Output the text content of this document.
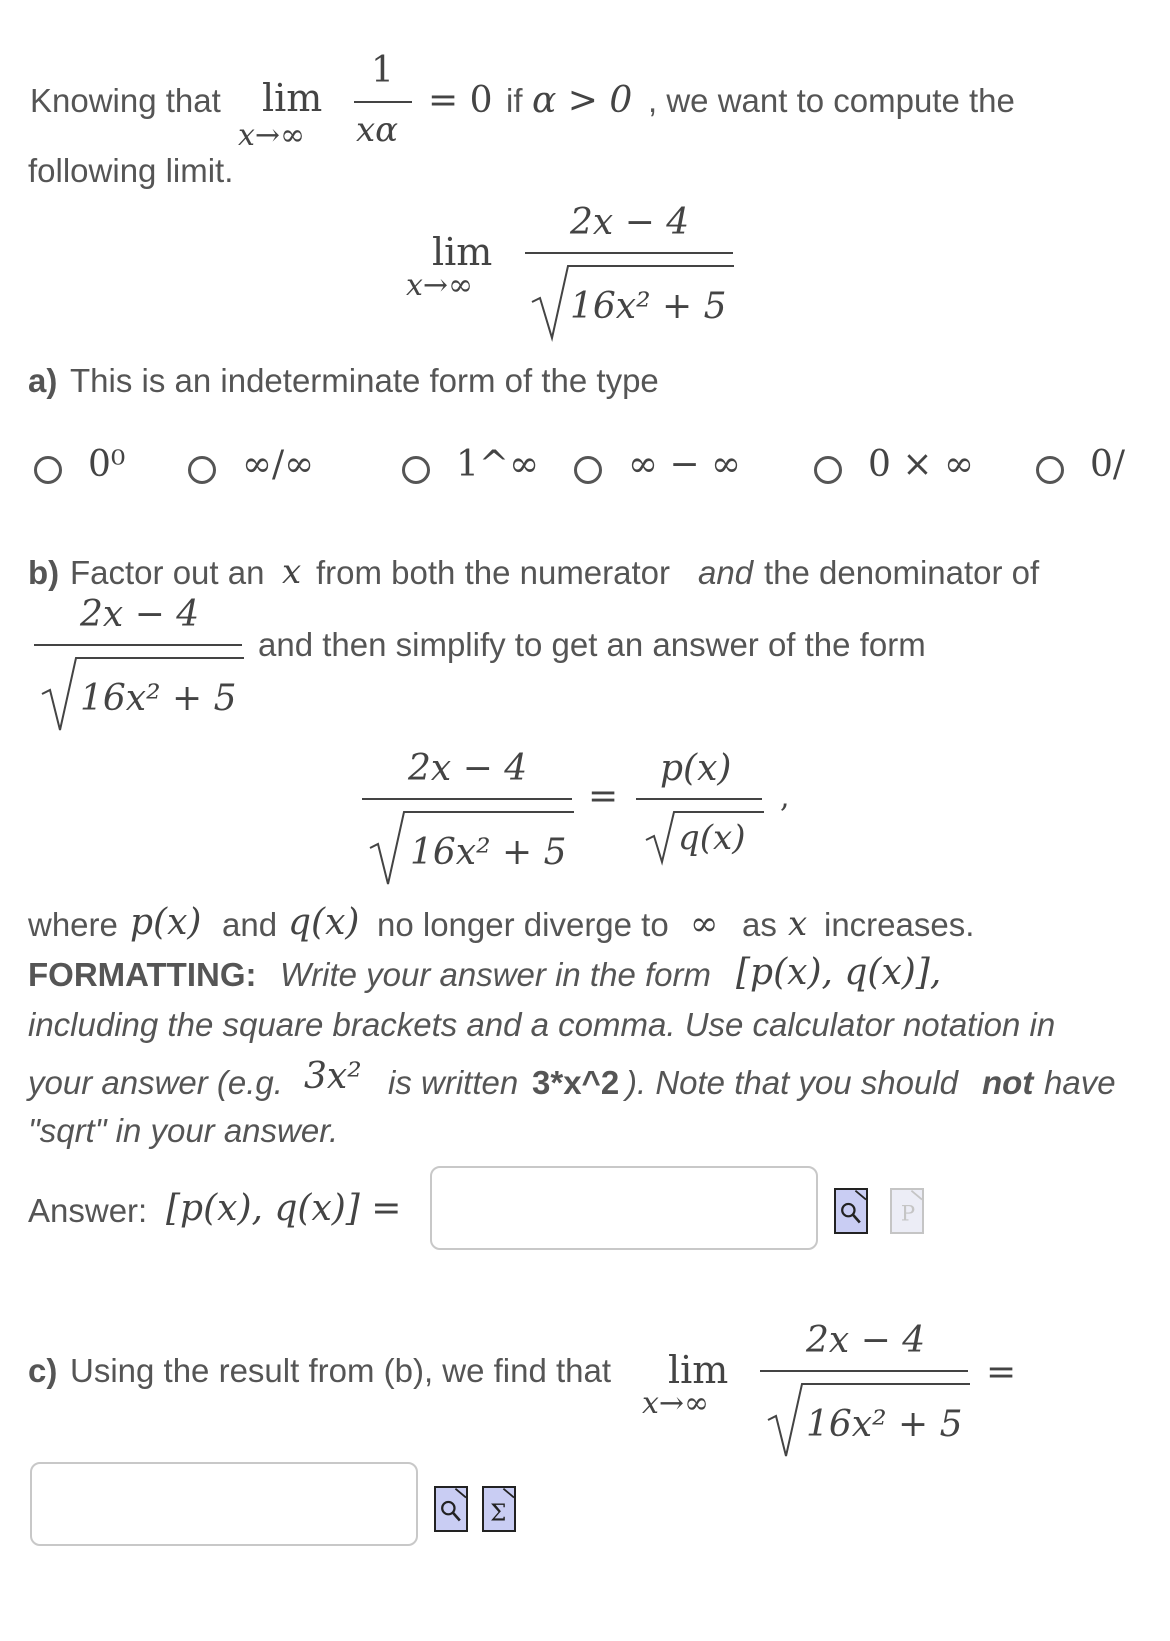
Knowing that lim
x→∞
1
xα
= 0 if α > 0 , we want to compute the
following limit.
lim
x→∞
2x − 4
16x² + 5
a) This is an indeterminate form of the type
0⁰	∞/∞	1^∞ ∞ − ∞	0 × ∞	0/
b) Factor out an x from both the numerator and the denominator of
2x − 4
16x² + 5
and then simplify to get an answer of the form
2x − 4
16x² + 5
=
p(x)
q(x)
,
where p(x) and q(x) no longer diverge to ∞ as x increases.
FORMATTING: Write your answer in the form [p(x), q(x)],
including the square brackets and a comma. Use calculator notation in
your answer (e.g. 3x² is written 3*x^2 ). Note that you should not have
"sqrt" in your answer.
Answer: [p(x), q(x)] =	P
c) Using the result from (b), we find that lim
x→∞
2x − 4
16x² + 5
=
Σ
